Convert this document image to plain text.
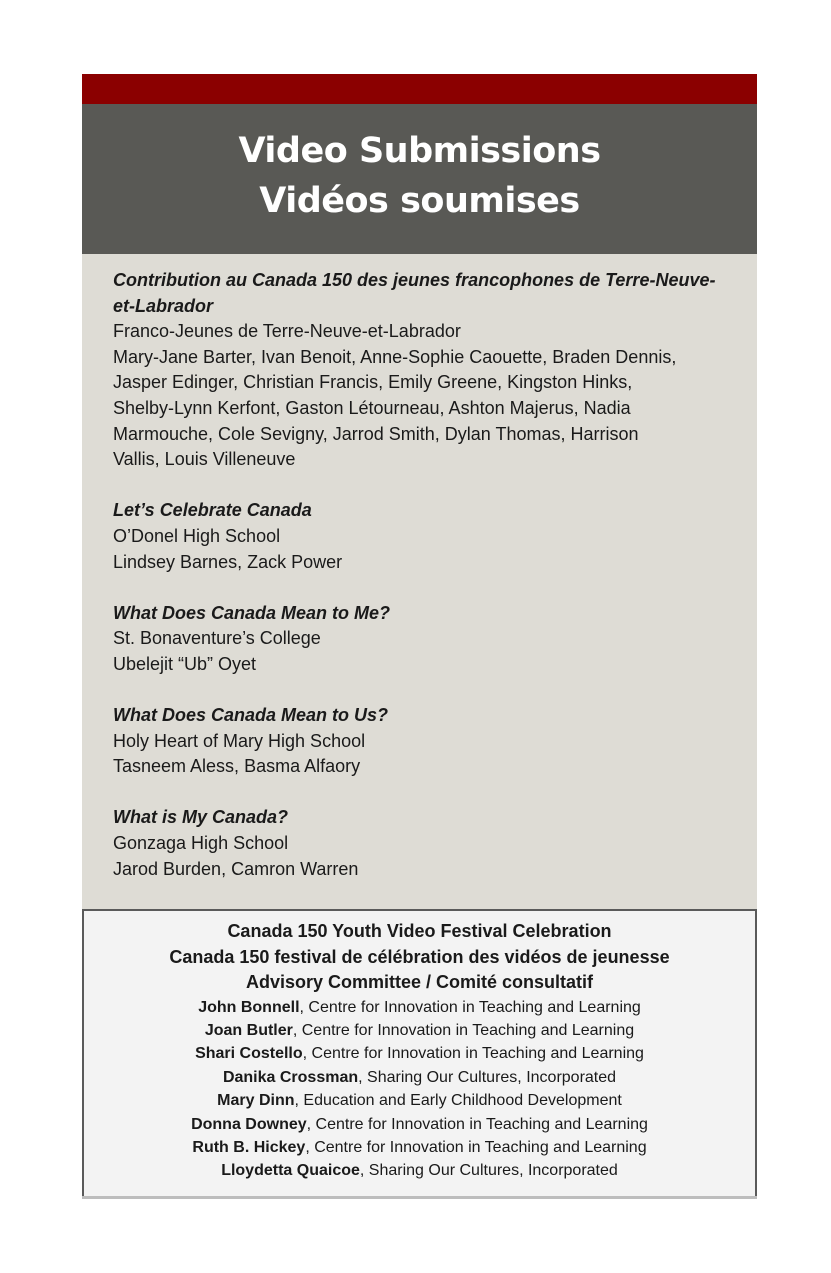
Video Submissions
Vidéos soumises
Contribution au Canada 150 des jeunes francophones de Terre-Neuve-et-Labrador
Franco-Jeunes de Terre-Neuve-et-Labrador
Mary-Jane Barter, Ivan Benoit, Anne-Sophie Caouette, Braden Dennis,
Jasper Edinger, Christian Francis, Emily Greene, Kingston Hinks,
Shelby-Lynn Kerfont, Gaston Létourneau, Ashton Majerus, Nadia
Marmouche, Cole Sevigny, Jarrod Smith, Dylan Thomas, Harrison
Vallis, Louis Villeneuve
Let’s Celebrate Canada
O’Donel High School
Lindsey Barnes, Zack Power
What Does Canada Mean to Me?
St. Bonaventure’s College
Ubelejit “Ub” Oyet
What Does Canada Mean to Us?
Holy Heart of Mary High School
Tasneem Aless, Basma Alfaory
What is My Canada?
Gonzaga High School
Jarod Burden, Camron Warren
Canada 150 Youth Video Festival Celebration
Canada 150 festival de célébration des vidéos de jeunesse
Advisory Committee / Comité consultatif
John Bonnell, Centre for Innovation in Teaching and Learning
Joan Butler, Centre for Innovation in Teaching and Learning
Shari Costello, Centre for Innovation in Teaching and Learning
Danika Crossman, Sharing Our Cultures, Incorporated
Mary Dinn, Education and Early Childhood Development
Donna Downey, Centre for Innovation in Teaching and Learning
Ruth B. Hickey, Centre for Innovation in Teaching and Learning
Lloydetta Quaicoe, Sharing Our Cultures, Incorporated
